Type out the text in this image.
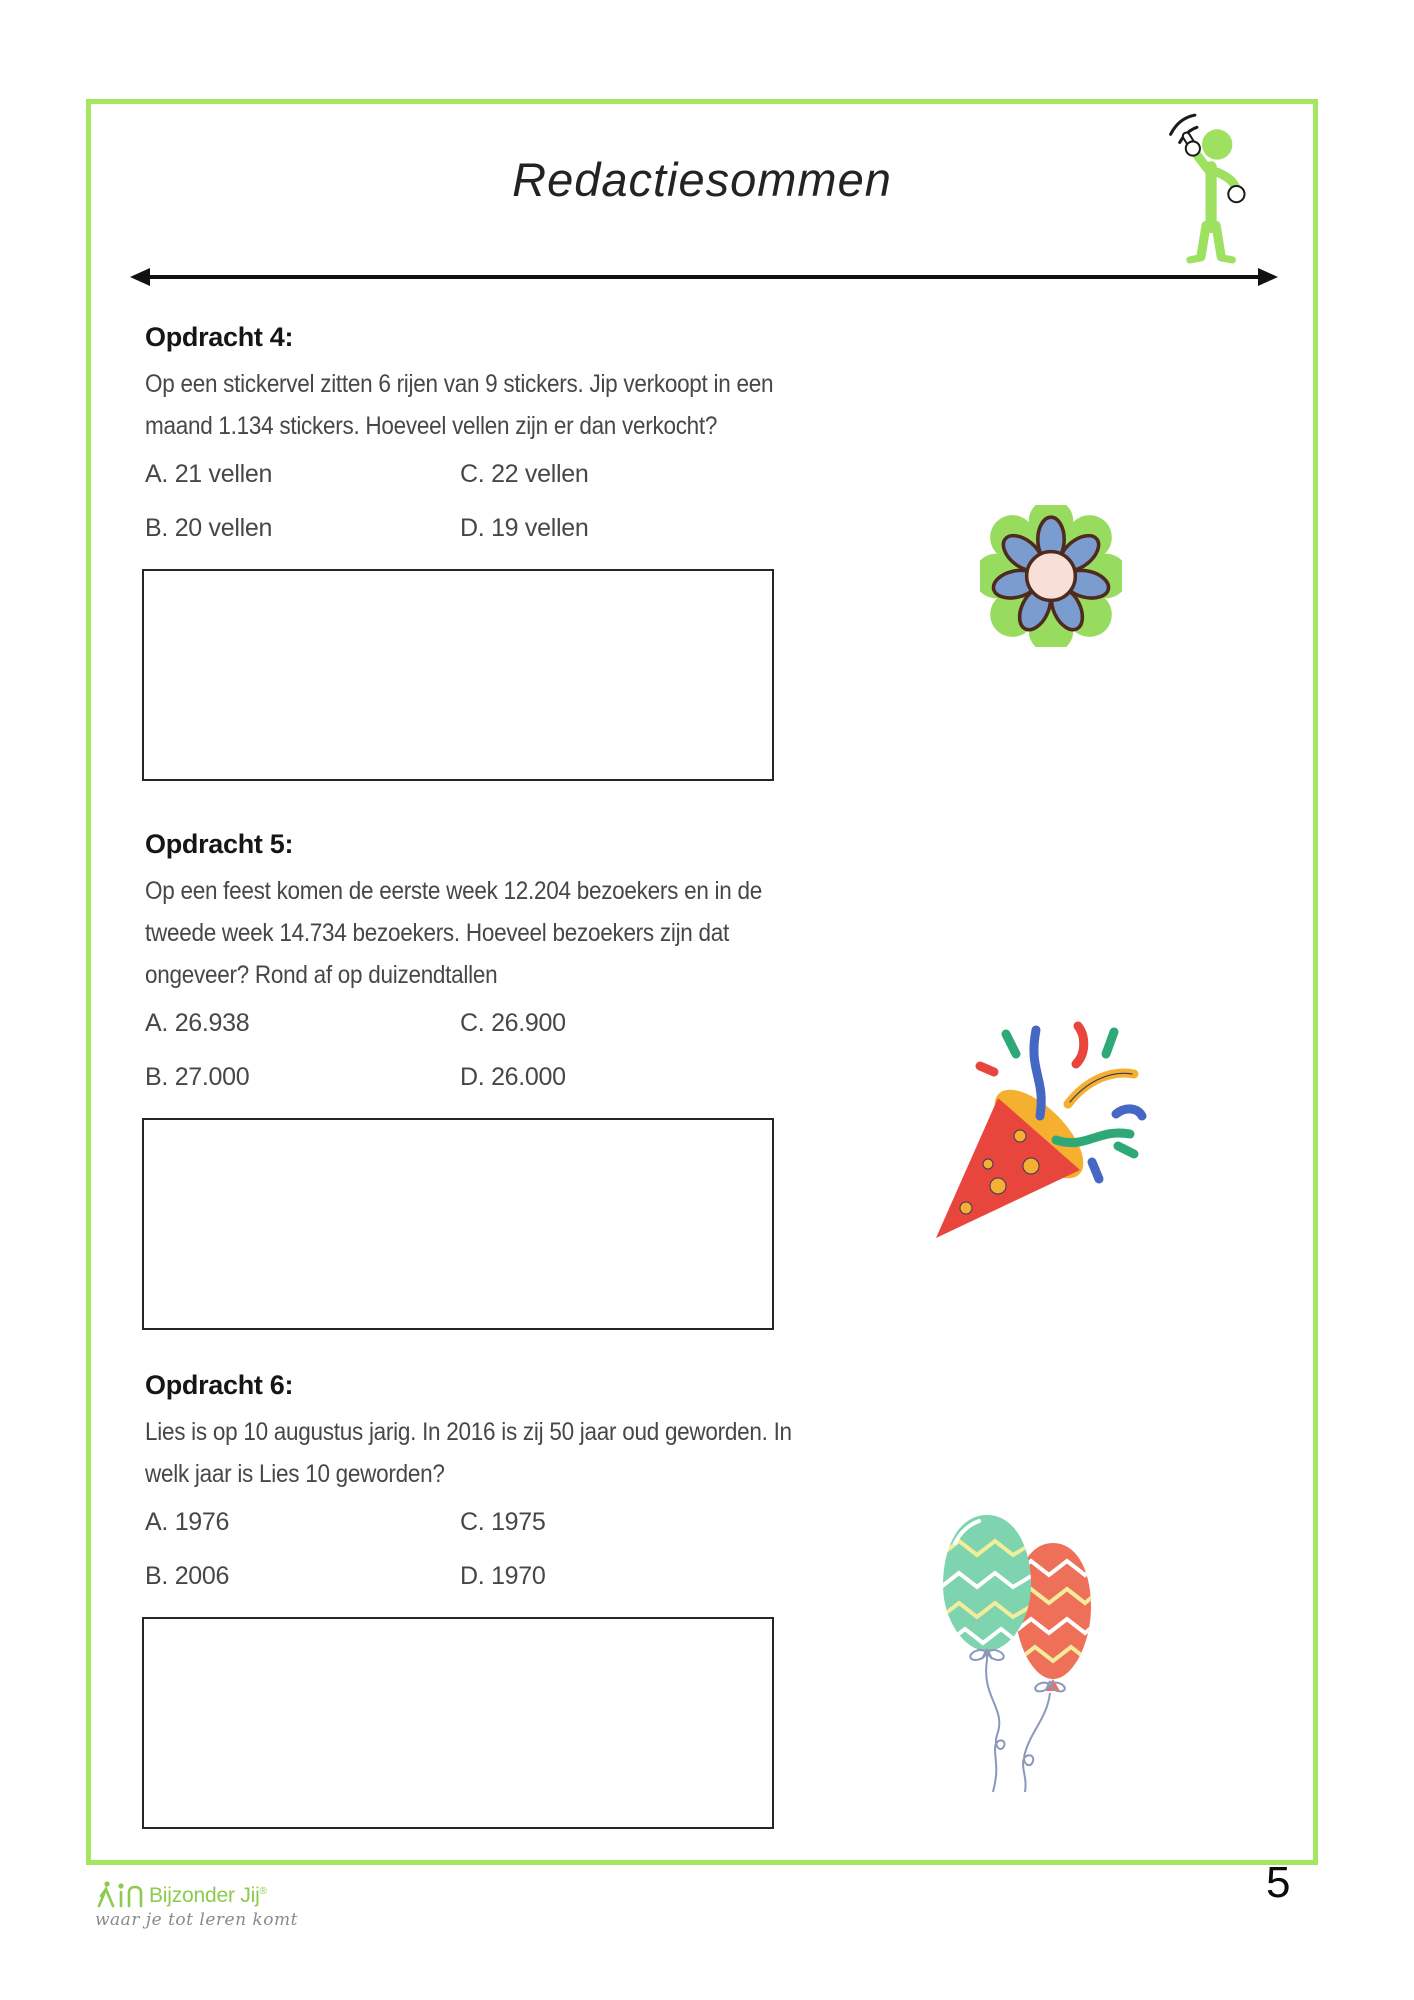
Redactiesommen
Opdracht 4:

Op een stickervel zitten 6 rijen van 9 stickers. Jip verkoopt in een
maand 1.134 stickers. Hoeveel vellen zijn er dan verkocht?

A. 21 vellen	C. 22 vellen
B. 20 vellen	D. 19 vellen
Opdracht 5:

Op een feest komen de eerste week 12.204 bezoekers en in de
tweede week 14.734 bezoekers. Hoeveel bezoekers zijn dat
ongeveer? Rond af op duizendtallen

A. 26.938	C. 26.900
B. 27.000	D. 26.000
Opdracht 6:

Lies is op 10 augustus jarig. In 2016 is zij 50 jaar oud geworden. In
welk jaar is Lies 10 geworden?

A. 1976	C. 1975
B. 2006	D. 1970
Bijzonder Jij®
waar je tot leren komt
5
